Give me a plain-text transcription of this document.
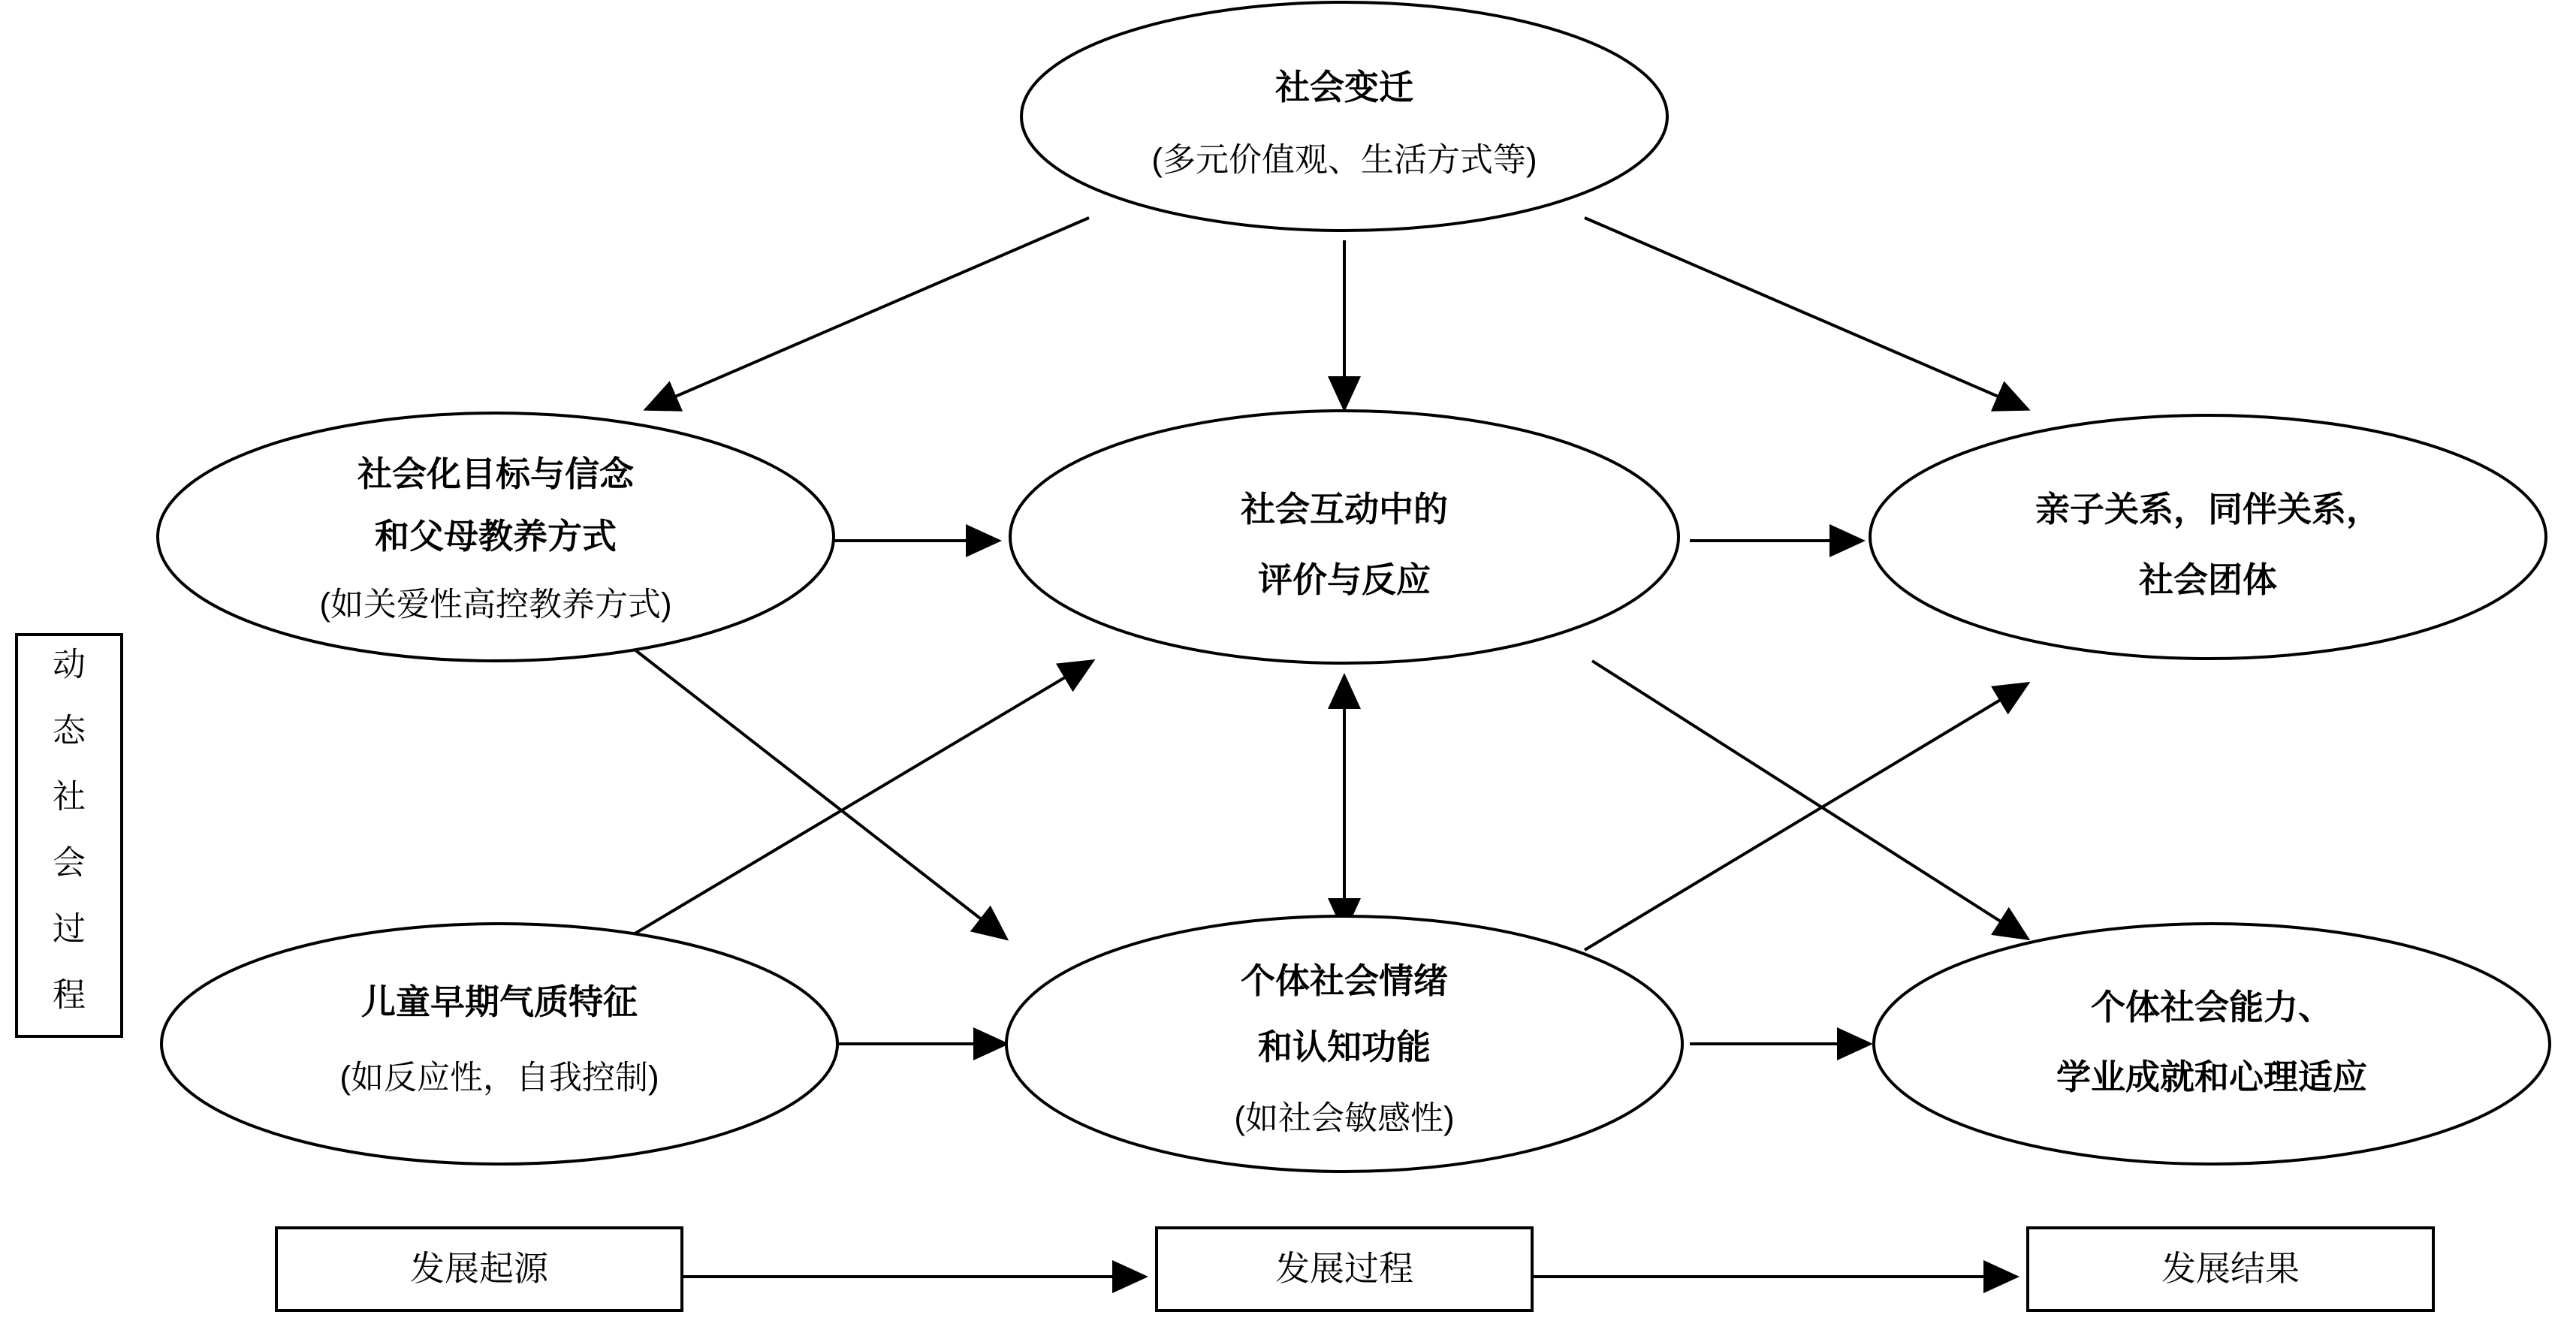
动
态
社
会
过
程
社会变迁
(多元价值观、生活方式等)
社会化目标与信念
和父母教养方式
(如关爱性高控教养方式)
社会互动中的
评价与反应
亲子关系，同伴关系，
社会团体
儿童早期气质特征
(如反应性，自我控制)
个体社会情绪
和认知功能
(如社会敏感性)
个体社会能力、
学业成就和心理适应
发展起源	发展过程	发展结果
